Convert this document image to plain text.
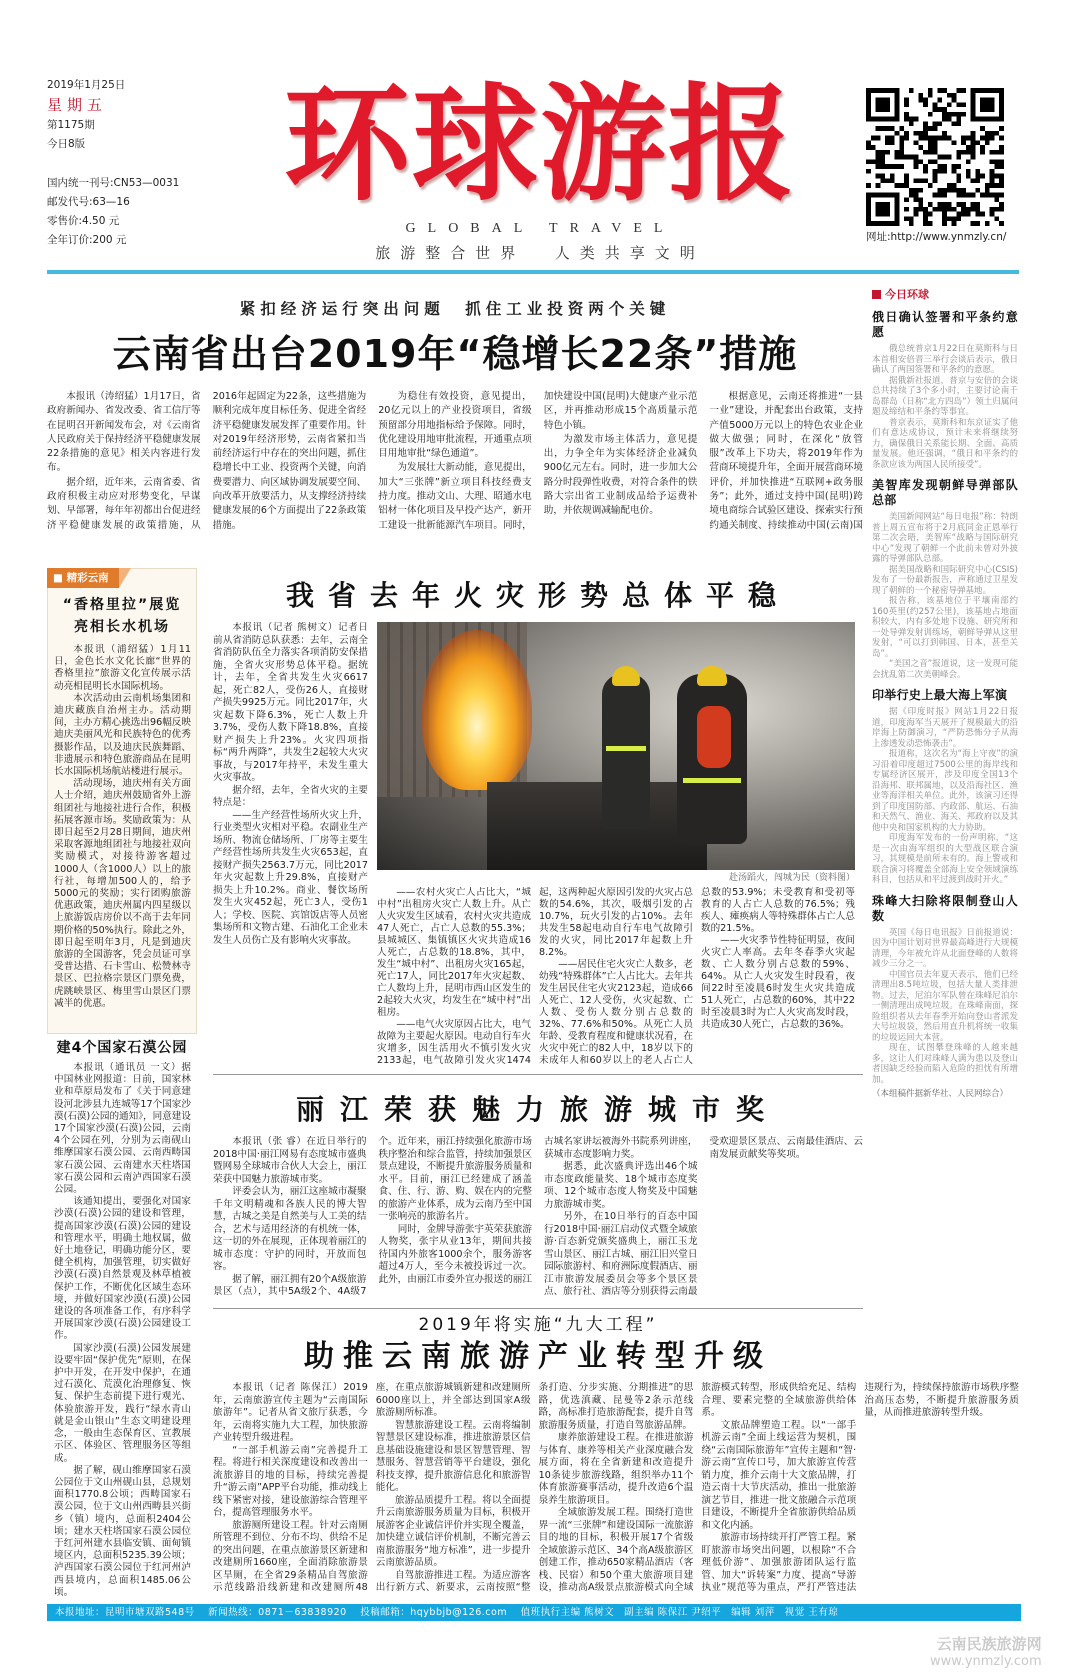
2019年1月25日
星期五
第1175期
今日8版
国内统一刊号:CN53—0031
邮发代号:63—16
零售价:4.50 元
全年订价:200 元
环球游报
GLOBAL TRAVEL
旅游整合世界  人类共享文明
网址:http://www.ynmzly.cn/
紧扣经济运行突出问题　抓住工业投资两个关键
云南省出台2019年“稳增长22条”措施

本报讯（涛绍猛）1月17日，省政府新闻办、省发改委、省工信厅等在昆明召开新闻发布会，对《云南省人民政府关于保持经济平稳健康发展22条措施的意见》相关内容进行发布。

据介绍，近年来，云南省委、省政府积极主动应对形势变化，早谋划、早部署，每年年初都出台促进经济平稳健康发展的政策措施，从2016年起固定为22条，这些措施为顺利完成年度目标任务、促进全省经济平稳健康发展发挥了重要作用。针对2019年经济形势，云南省紧扣当前经济运行中存在的突出问题，抓住稳增长中工业、投资两个关键，向消费要潜力、向区域协调发展要空间、向改革开放要活力，从支撑经济持续健康发展的6个方面提出了22条政策措施。

为稳住有效投资，意见提出，20亿元以上的产业投资项目，省级预留部分用地指标给予保障。同时，优化建设用地审批流程，开通重点项目用地审批“绿色通道”。

为发展壮大新动能，意见提出，加大“三张牌”新立项目科技经费支持力度。推动文山、大理、昭通水电铝材一体化项目及早投产达产，新开工建设一批新能源汽车项目。同时，加快建设中国(昆明)大健康产业示范区，并再推动形成15个高质量示范特色小镇。

为激发市场主体活力，意见提出，力争全年为实体经济企业减负900亿元左右。同时，进一步加大公路分时段弹性收费，对符合条件的铁路大宗出省工业制成品给予运费补助，并依规调减输配电价。

根据意见，云南还将推进“一县一业”建设，并配套出台政策，支持产值5000万元以上的特色农业企业做大做强；同时，在深化“放管服”改革上下功夫，将2019年作为营商环境提升年，全面开展营商环境评价，并加快推进“互联网+政务服务”；此外，通过支持中国(昆明)跨境电商综合试验区建设、探索实行预约通关制度、持续推动中国(云南)国

■ 精彩云南
“香格里拉”展览
亮相长水机场

本报讯（浦绍猛）1月11日，金色长水文化长廊“世界的香格里拉”旅游文化宣传展示活动亮相昆明长水国际机场。

本次活动由云南机场集团和迪庆藏族自治州主办。活动期间，主办方精心挑选出96幅反映迪庆美丽风光和民族特色的优秀摄影作品，以及迪庆民族舞蹈、非遗展示和特色旅游商品在昆明长水国际机场航站楼进行展示。

活动现场，迪庆州有关方面人士介绍，迪庆州鼓励省外上游组团社与地接社进行合作，积极拓展客源市场。奖励政策为：从即日起至2月28日期间，迪庆州采取客源地组团社与地接社双向奖励模式，对接待游客超过1000人（含1000人）以上的旅行社，每增加500人的，给予5000元的奖励；实行团购旅游优惠政策，迪庆州属内四星级以上旅游饭店房价以不高于去年同期价格的50%执行。除此之外，即日起至明年3月，凡是到迪庆旅游的全国游客，凭会员证可享受普达措、石卡雪山、松赞林寺景区、巴拉格宗景区门票免费，虎跳峡景区、梅里雪山景区门票减半的优惠。

建4个国家石漠公园

本报讯（通讯员 一文）据中国林业网报道：日前，国家林业和草原局发布了《关于同意建设河北涉县九连城等17个国家沙漠(石漠)公园的通知》，同意建设17个国家沙漠(石漠)公园，云南4个公园在列，分别为云南砚山维摩国家石漠公园、云南西畴国家石漠公园、云南建水天柱塔国家石漠公园和云南泸西国家石漠公园。

该通知提出，要强化对国家沙漠(石漠)公园的建设和管理，提高国家沙漠(石漠)公园的建设和管理水平，明确土地权属，做好土地登记，明确功能分区，要健全机构，加强管理，切实做好沙漠(石漠)自然景观及林草植被保护工作，不断优化区域生态环境，并做好国家沙漠(石漠)公园建设的各项准备工作，有序科学开展国家沙漠(石漠)公园建设工作。

国家沙漠(石漠)公园发展建设要牢固“保护优先”原则，在保护中开发，在开发中保护，在通过石漠化、荒漠化治理修复、恢复、保护生态前提下进行观光、体验旅游开发，践行“绿水青山就是金山银山”生态文明建设理念，一般由生态保育区、宣教展示区、体验区、管理服务区等组成。

据了解，砚山维摩国家石漠公园位于文山州砚山县，总规划面积1770.8公顷；西畴国家石漠公园，位于文山州西畴县兴街乡（镇）境内，总面积2404公顷；建水天柱塔国家石漠公园位于红河州建水县临安镇、面甸镇境区内，总面积5235.39公顷；泸西国家石漠公园位于红河州泸西县境内，总面积1485.06公顷。

我省去年火灾形势总体平稳

本报讯（记者 熊树文）记者日前从省消防总队获悉：去年，云南全省消防队伍全力落实各项消防安保措施，全省火灾形势总体平稳。据统计，去年，全省共发生火灾6617起，死亡82人，受伤26人，直接财产损失9925万元。同比2017年，火灾起数下降6.3%，死亡人数上升3.7%，受伤人数下降18.8%，直接财产损失上升23%。火灾四项指标“两升两降”，共发生2起较大火灾事故，与2017年持平，未发生重大火灾事故。

据介绍，去年，全省火灾的主要特点是：

——生产经营性场所火灾上升，行业类型火灾相对平稳。农副业生产场所、物流仓储场所、厂房等主要生产经营性场所共发生火灾653起，直接财产损失2563.7万元，同比2017年火灾起数上升29.8%，直接财产损失上升10.2%。商业、餐饮场所发生火灾452起，死亡3人，受伤1人；学校、医院、宾馆饭店等人员密集场所和文物古建、石油化工企业未发生人员伤亡及有影响火灾事故。

赴汤蹈火，闯城为民（资料图）

——农村火灾亡人占比大，“城中村”出租房火灾亡人数上升。从亡人火灾发生区域看，农村火灾共造成47人死亡，占亡人总数的55.3%；县城城区、集镇镇区火灾共造成16人死亡，占总数的18.8%，其中，发生“城中村”、出租房火灾165起，死亡17人，同比2017年火灾起数、亡人数均上升，昆明市西山区发生的2起较大火灾，均发生在“城中村”出租房。

——电气火灾原因占比大，电气故障为主要起火原因。电动自行车火灾增多，因生活用火不慎引发火灾2133起，电气故障引发火灾1474起，这两种起火原因引发的火灾占总数的54.6%，其次，吸烟引发的占10.7%，玩火引发的占10%。去年共发生58起电动自行车电气故障引发的火灾，同比2017年起数上升8.2%。

——居民住宅火灾亡人数多，老幼残“特殊群体”亡人占比大。去年共发生居民住宅火灾2123起，造成66人死亡、12人受伤，火灾起数、亡人数、受伤人数分别占总数的32%、77.6%和50%。从死亡人员年龄、受教育程度和健康状况看，在火灾中死亡的82人中，18岁以下的未成年人和60岁以上的老人占亡人总数的53.9%；未受教育和受初等教育的人占亡人总数的76.5%；残疾人、瘫痪病人等特殊群体占亡人总数的21.5%。

——火灾季节性特征明显，夜间火灾亡人率高。去年冬春季火灾起数、亡人数分别占总数的59%、64%。从亡人火灾发生时段看，夜间22时至凌晨6时发生火灾共造成51人死亡，占总数的60%，其中22时至凌晨3时为亡人火灾高发时段，共造成30人死亡，占总数的36%。

丽江荣获魅力旅游城市奖

本报讯（张 睿）在近日举行的2018中国·丽江网易有态度城市盛典暨网易全球城市合伙人大会上，丽江荣获中国魅力旅游城市奖。

评委会认为，丽江这座城市凝聚千年文明精魂和各族人民的博大智慧，古城之美是自然美与人工美的结合，艺术与适用经济的有机统一体，这一切的外在展现，正体现着丽江的城市态度：守护的同时，开放而包容。

据了解，丽江拥有20个A级旅游景区（点），其中5A级2个、4A级7个。近年来，丽江持续强化旅游市场秩序整治和综合监管，持续加强景区景点建设，不断提升旅游服务质量和水平。目前，丽江已经建成了涵盖食、住、行、游、购、娱在内的完整的旅游产业体系，成为云南乃至中国一张响亮的旅游名片。

同时，金牌导游张宇英荣获旅游人物奖，张宇从业13年，期间共接待国内外旅客1000余个，服务游客超过4万人，至今未被投诉过一次。此外，由丽江市委外宣办报送的丽江古城名家讲坛被海外书院系列讲座，获城市态度影响力奖。

据悉，此次盛典评选出46个城市态度政能量奖、18个城市态度奖项、12个城市态度人物奖及中国魅力旅游城市奖。

另外，在10日举行的百态中国行2018中国·丽江启动仪式暨全域旅游·百态新党颁奖盛典上，丽江玉龙雪山景区、丽江古城、丽江旧兴堂日园际旅游村、和府洲际度假酒店、丽江市旅游发展委员会等多个景区景点、旅行社、酒店等分别获得云南最受欢迎景区景点、云南最佳酒店、云南发展贡献奖等奖项。

2019年将实施“九大工程”
助推云南旅游产业转型升级

本报讯（记者 陈保江）2019年，云南旅游宣传主题为“云南国际旅游年”。记者从省文旅厅获悉，今年，云南将实施九大工程，加快旅游产业转型升级进程。

“一部手机游云南”完善提升工程。将进行相关深度建设和改善出一流旅游目的地的目标，持续完善提升“游云南”APP平台功能，推动线上线下紧密对接，建设旅游综合管理平台，提高管理服务水平。

旅游厕所建设工程。针对云南厕所管理不到位、分布不均、供给不足的突出问题，在重点旅游景区新建和改建厕所1660座，全面消除旅游景区旱厕，在全省29条精品自驾旅游示范线路沿线新建和改建厕所48座，在重点旅游城镇新建和改建厕所6000座以上，并全部达到国家A级旅游厕所标准。

智慧旅游建设工程。云南将编制智慧景区建设标准，推进旅游景区信息基础设施建设和景区智慧管理、智慧服务、智慧营销等平台建设，强化科技支撑，提升旅游信息化和旅游智能化。

旅游品质提升工程。将以全面提升云南旅游服务质量为目标，积极开展游客企业诚信评价并实现全覆盖，加快建立诚信评价机制，不断完善云南旅游服务“地方标准”，进一步提升云南旅游品质。

自驾旅游推进工程。为适应游客出行新方式、新要求，云南按照“整条打造、分步实施、分期推进”的思路，优选滇藏、昆曼等2条示范线路，高标准打造旅游配套，提升自驾旅游服务质量，打造自驾旅游品牌。

康养旅游建设工程。在推进旅游与体育、康养等相关产业深度融合发展方面，将在全省新建和改造提升10条徒步旅游线路，组织举办11个体育旅游赛事活动，提升改造6个温泉养生旅游项目。

全域旅游发展工程。围绕打造世界一流“三张牌”和建设国际一流旅游目的地的目标，积极开展17个省级全域旅游示范区、34个高A级旅游区创建工作，推动650家精品酒店（客栈、民宿）和50个重大旅游项目建设，推动高A级景点旅游模式向全域旅游模式转型，形成供给充足、结构合理、要素完整的全域旅游供给体系。

文旅品牌塑造工程。以“一部手机游云南”全面上线运营为契机，围绕“云南国际旅游年”宣传主题和“智·游云南”宣传口号，加大旅游宣传营销力度，推介云南十大文旅品牌，打造云南十大节庆活动，推出一批旅游演艺节目，推进一批文旅融合示范项目建设，不断提升全省旅游供给品质和文化内涵。

旅游市场持续开打严管工程。紧盯旅游市场突出问题，以根除“不合理低价游”、加强旅游团队运行监管、加大“诉转案”力度、提高“导游执业”规范等为重点，严打严管违法违规行为，持续保持旅游市场秩序整治高压态势，不断提升旅游服务质量，从而推进旅游转型升级。

今日环球
俄日确认签署和平条约意愿

俄总统普京1月22日在莫斯科与日本首相安倍晋三举行会谈后表示，俄日确认了两国签署和平条约的意愿。

据俄新社报道，普京与安倍的会谈总共持续了3个多小时，主要讨论南千岛群岛（日称“北方四岛”）领土归属问题及缔结和平条约等事宜。

普京表示，莫斯科和东京证实了他们有意达成协议，预计未来将继续努力，确保俄日关系能长期、全面、高质量发展。他还强调，“俄日和平条约的条款应该为两国人民所接受”。

美智库发现朝鲜导弹部队总部

美国新闻网站“每日电报”称：特朗普上周五宣布将于2月底同金正恩举行第二次会晤，美智库“战略与国际研究中心”发现了朝鲜一个此前未曾对外披露的导弹部队总部。

据美国战略和国际研究中心(CSIS)发布了一份最新报告，声称通过卫星发现了朝鲜的一个秘密导弹基地。

报告称，该基地位于平壤南部约160英里(约257公里)，该基地占地面积较大，内有多处地下设施、研究所和一处导弹发射训练场，朝鲜导弹从这里发射，“可以打到韩国、日本，甚至关岛”。

“美国之音”报道说，这一发现可能会扰乱第二次美朝峰会。

印举行史上最大海上军演

据《印度时报》网站1月22日报道，印度海军当天展开了规模最大的沿岸海上防御演习，“严防恐怖分子从海上渗透发动恐怖袭击”。

报道称，这次名为“海上守夜”的演习沿着印度超过7500公里的海岸线和专属经济区展开，涉及印度全国13个沿海邦、联邦属地，以及沿海社区、渔业等海洋相关单位。此外，该演习还得到了印度国防部、内政部、航运、石油和天然气、渔业、海关、邦政府以及其他中央和国家机构的大力协助。

印度海军发布的一份声明称，“这是一次由海军组织的大型战区联合演习，其规模是前所未有的。海上警戒和联合演习将覆盖全部海上安全领域演练科目，包括从和平过渡到战时开火。”

珠峰大扫除将限制登山人数

英国《每日电讯报》日前报道说：因为中国计划对世界最高峰进行大规模清理，今年被允许从北面登峰的人数将减少三分之一。

中国官员去年夏天表示，他们已经清理出8.5吨垃圾，包括大量人类排泄物。过去，尼泊尔军队曾在珠峰尼泊尔一侧清理出成吨垃圾。在珠峰南面，探险组织者从去年春季开始向登山者派发大号垃圾袋，然后用直升机将统一收集的垃圾运回大本营。

现在，试图攀登珠峰的人越来越多，这让人们对珠峰人满为患以及登山者因缺乏经验而陷入危险的担忧有所增加。

（本组稿件据新华社、人民网综合）

本报地址：昆明市塘双路548号  新闻热线：0871－63838920  投稿邮箱：hqybbjb@126.com  值班执行主编 熊树文　副主编 陈保江 尹绍平　编辑 刘萍　视觉 王有琼
云南民族旅游网
www.ynmzly.com
